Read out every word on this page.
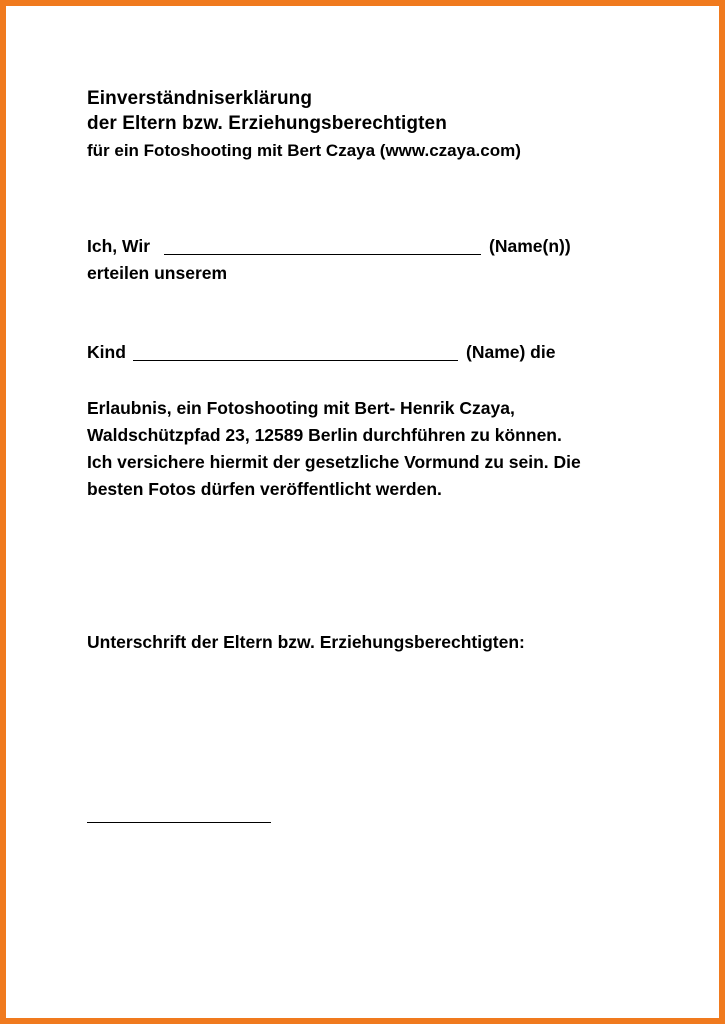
Einverständniserklärung
der Eltern bzw. Erziehungsberechtigten
für ein Fotoshooting mit Bert Czaya (www.czaya.com)
Ich, Wir	(Name(n))
erteilen unserem
Kind	(Name) die
Erlaubnis, ein Fotoshooting mit Bert- Henrik Czaya,
Waldschützpfad 23, 12589 Berlin durchführen zu können.
Ich versichere hiermit der gesetzliche Vormund zu sein. Die
besten Fotos dürfen veröffentlicht werden.
Unterschrift der Eltern bzw. Erziehungsberechtigten:
